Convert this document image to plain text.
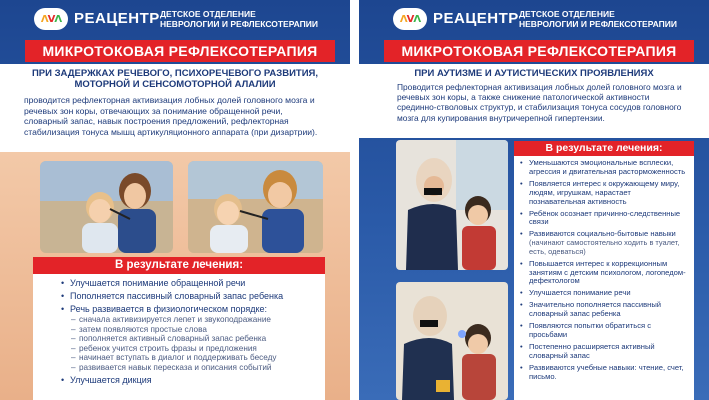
Λ V Λ РЕАЦЕНТР ДЕТСКОЕ ОТДЕЛЕНИЕ
НЕВРОЛОГИИ И РЕФЛЕКСОТЕРАПИИ
МИКРОТОКОВАЯ РЕФЛЕКСОТЕРАПИЯ
ПРИ ЗАДЕРЖКАХ РЕЧЕВОГО, ПСИХОРЕЧЕВОГО РАЗВИТИЯ, МОТОРНОЙ И СЕНСОМОТОРНОЙ АЛАЛИИ
проводится рефлекторная активизация лобных долей головного мозга и речевых зон коры, отвечающих за понимание обращенной речи, словарный запас, навык построения предложений, рефлекторная стабилизация тонуса мышц артикуляционного аппарата (при дизартрии).
В результате лечения:
• Улучшается понимание обращенной речи
• Пополняется пассивный словарный запас ребенка
• Речь развивается в физиологическом порядке:
– сначала активизируется лепет и звукоподражание
– затем появляются простые слова
– пополняется активный словарный запас ребенка
– ребенок учится строить фразы и предложения
– начинает вступать в диалог и поддерживать беседу
– развивается навык пересказа и описания событий
• Улучшается дикция
Λ V Λ РЕАЦЕНТР ДЕТСКОЕ ОТДЕЛЕНИЕ
НЕВРОЛОГИИ И РЕФЛЕКСОТЕРАПИИ
МИКРОТОКОВАЯ РЕФЛЕКСОТЕРАПИЯ
ПРИ АУТИЗМЕ И АУТИСТИЧЕСКИХ ПРОЯВЛЕНИЯХ
Проводится рефлекторная активизация лобных долей головного мозга и речевых зон коры, а также снижение патологической активности срединно-стволовых структур, и стабилизация тонуса сосудов головного мозга для купирования внутричерепной гипертензии.
В результате лечения:
• Уменьшаются эмоциональные всплески, агрессия и двигательная расторможенность
• Появляется интерес к окружающему миру, людям, игрушкам, нарастает познавательная активность
• Ребёнок осознает причинно-следственные связи
• Развиваются социально-бытовые навыки
(начинают самостоятельно ходить в туалет, есть, одеваться)
• Повышается интерес к коррекционным занятиям с детским психологом, логопедом-дефектологом
• Улучшается понимание речи
• Значительно пополняется пассивный словарный запас ребенка
• Появляются попытки обратиться с просьбами
• Постепенно расширяется активный словарный запас
• Развиваются учебные навыки: чтение, счет, письмо.
